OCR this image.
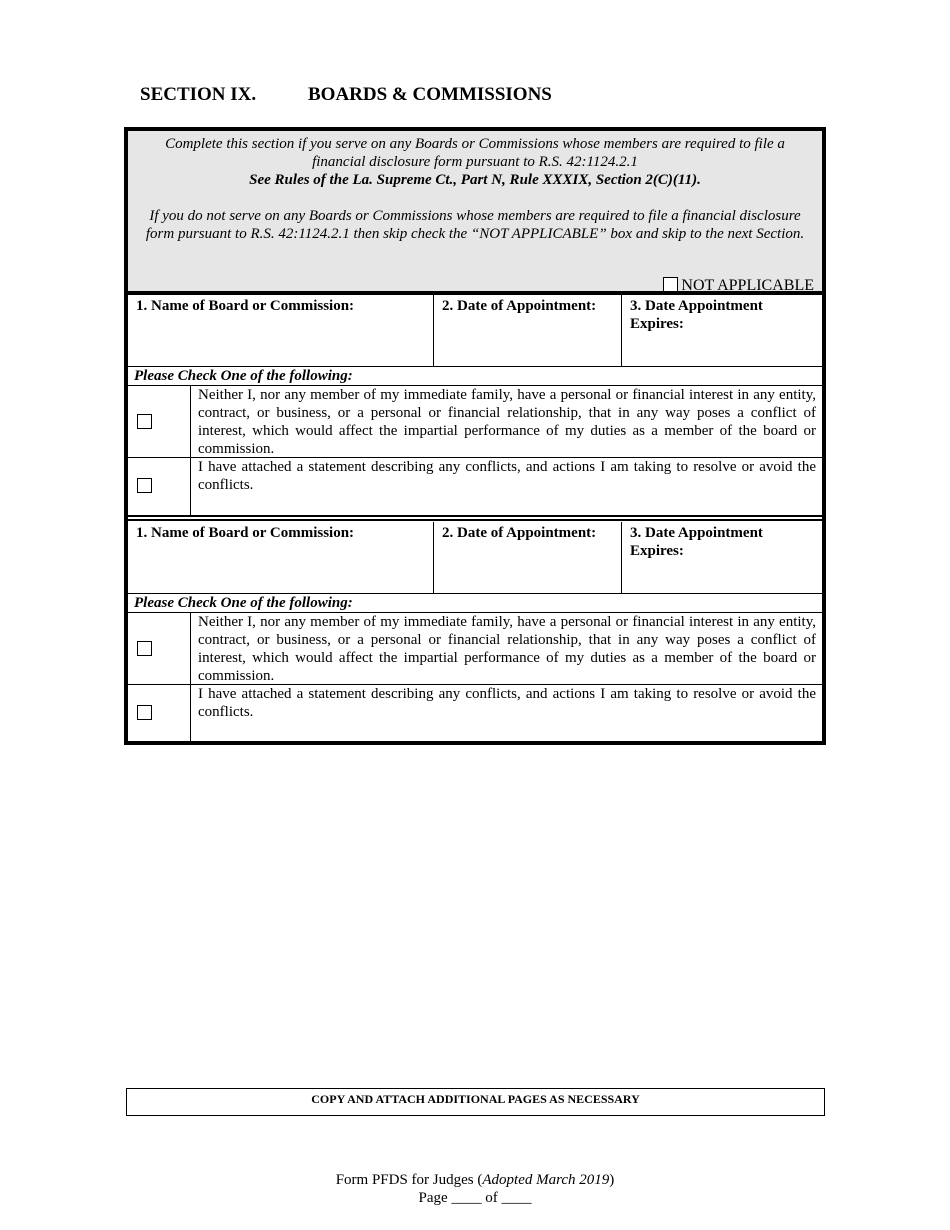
SECTION IX.	BOARDS & COMMISSIONS
Complete this section if you serve on any Boards or Commissions whose members are required to file a financial disclosure form pursuant to R.S. 42:1124.2.1
See Rules of the La. Supreme Ct., Part N, Rule XXXIX, Section 2(C)(11).
If you do not serve on any Boards or Commissions whose members are required to file a financial disclosure form pursuant to R.S. 42:1124.2.1 then skip check the “NOT APPLICABLE” box and skip to the next Section.
NOT APPLICABLE
1. Name of Board or Commission:	2. Date of Appointment:	3. Date Appointment Expires:
Please Check One of the following:
Neither I, nor any member of my immediate family, have a personal or financial interest in any entity, contract, or business, or a personal or financial relationship, that in any way poses a conflict of interest, which would affect the impartial performance of my duties as a member of the board or commission.
I have attached a statement describing any conflicts, and actions I am taking to resolve or avoid the conflicts.
1. Name of Board or Commission:	2. Date of Appointment:	3. Date Appointment Expires:
Please Check One of the following:
Neither I, nor any member of my immediate family, have a personal or financial interest in any entity, contract, or business, or a personal or financial relationship, that in any way poses a conflict of interest, which would affect the impartial performance of my duties as a member of the board or commission.
I have attached a statement describing any conflicts, and actions I am taking to resolve or avoid the conflicts.
COPY AND ATTACH ADDITIONAL PAGES AS NECESSARY
Form PFDS for Judges (Adopted March 2019)
Page ____ of ____
